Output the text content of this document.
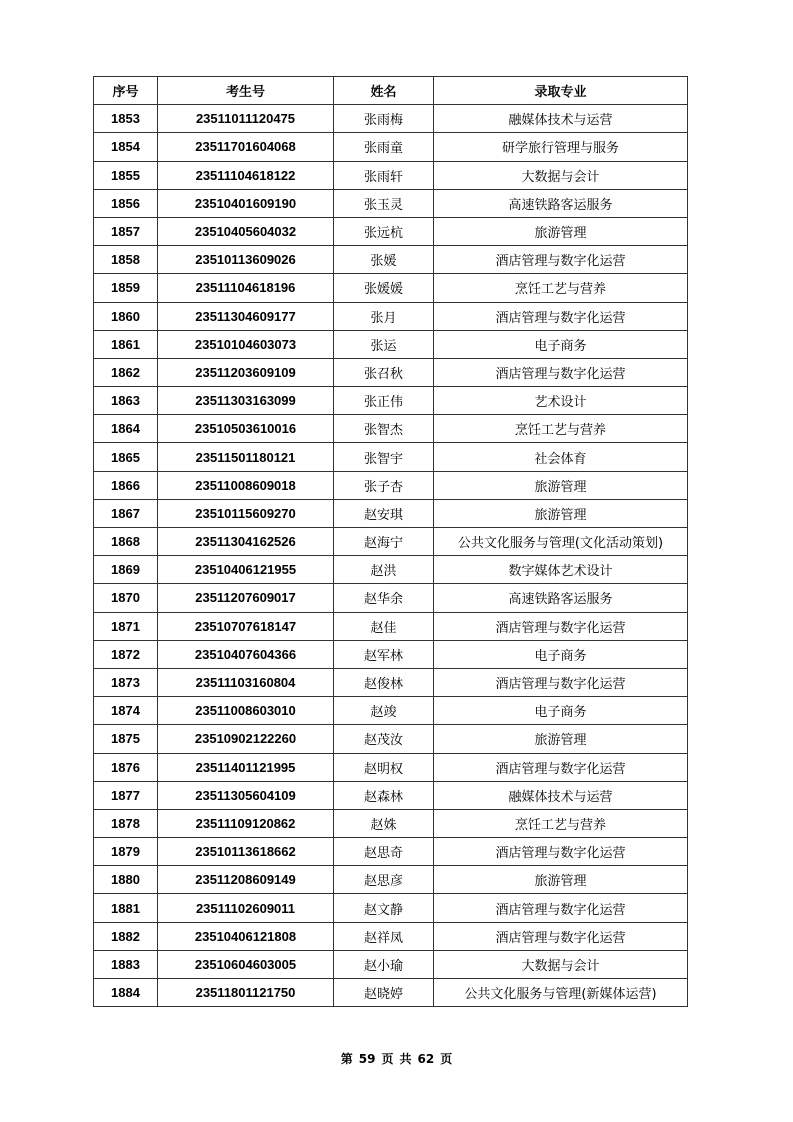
序号	考生号	姓名	录取专业
1853	23511011120475	张雨梅	融媒体技术与运营
1854	23511701604068	张雨童	研学旅行管理与服务
1855	23511104618122	张雨轩	大数据与会计
1856	23510401609190	张玉灵	高速铁路客运服务
1857	23510405604032	张远杭	旅游管理
1858	23510113609026	张媛	酒店管理与数字化运营
1859	23511104618196	张媛媛	烹饪工艺与营养
1860	23511304609177	张月	酒店管理与数字化运营
1861	23510104603073	张运	电子商务
1862	23511203609109	张召秋	酒店管理与数字化运营
1863	23511303163099	张正伟	艺术设计
1864	23510503610016	张智杰	烹饪工艺与营养
1865	23511501180121	张智宇	社会体育
1866	23511008609018	张子杏	旅游管理
1867	23510115609270	赵安琪	旅游管理
1868	23511304162526	赵海宁	公共文化服务与管理(文化活动策划)
1869	23510406121955	赵洪	数字媒体艺术设计
1870	23511207609017	赵华余	高速铁路客运服务
1871	23510707618147	赵佳	酒店管理与数字化运营
1872	23510407604366	赵军林	电子商务
1873	23511103160804	赵俊林	酒店管理与数字化运营
1874	23511008603010	赵竣	电子商务
1875	23510902122260	赵茂汝	旅游管理
1876	23511401121995	赵明权	酒店管理与数字化运营
1877	23511305604109	赵森林	融媒体技术与运营
1878	23511109120862	赵姝	烹饪工艺与营养
1879	23510113618662	赵思奇	酒店管理与数字化运营
1880	23511208609149	赵思彦	旅游管理
1881	23511102609011	赵文静	酒店管理与数字化运营
1882	23510406121808	赵祥凤	酒店管理与数字化运营
1883	23510604603005	赵小瑜	大数据与会计
1884	23511801121750	赵晓婷	公共文化服务与管理(新媒体运营)
第 59 页 共 62 页
